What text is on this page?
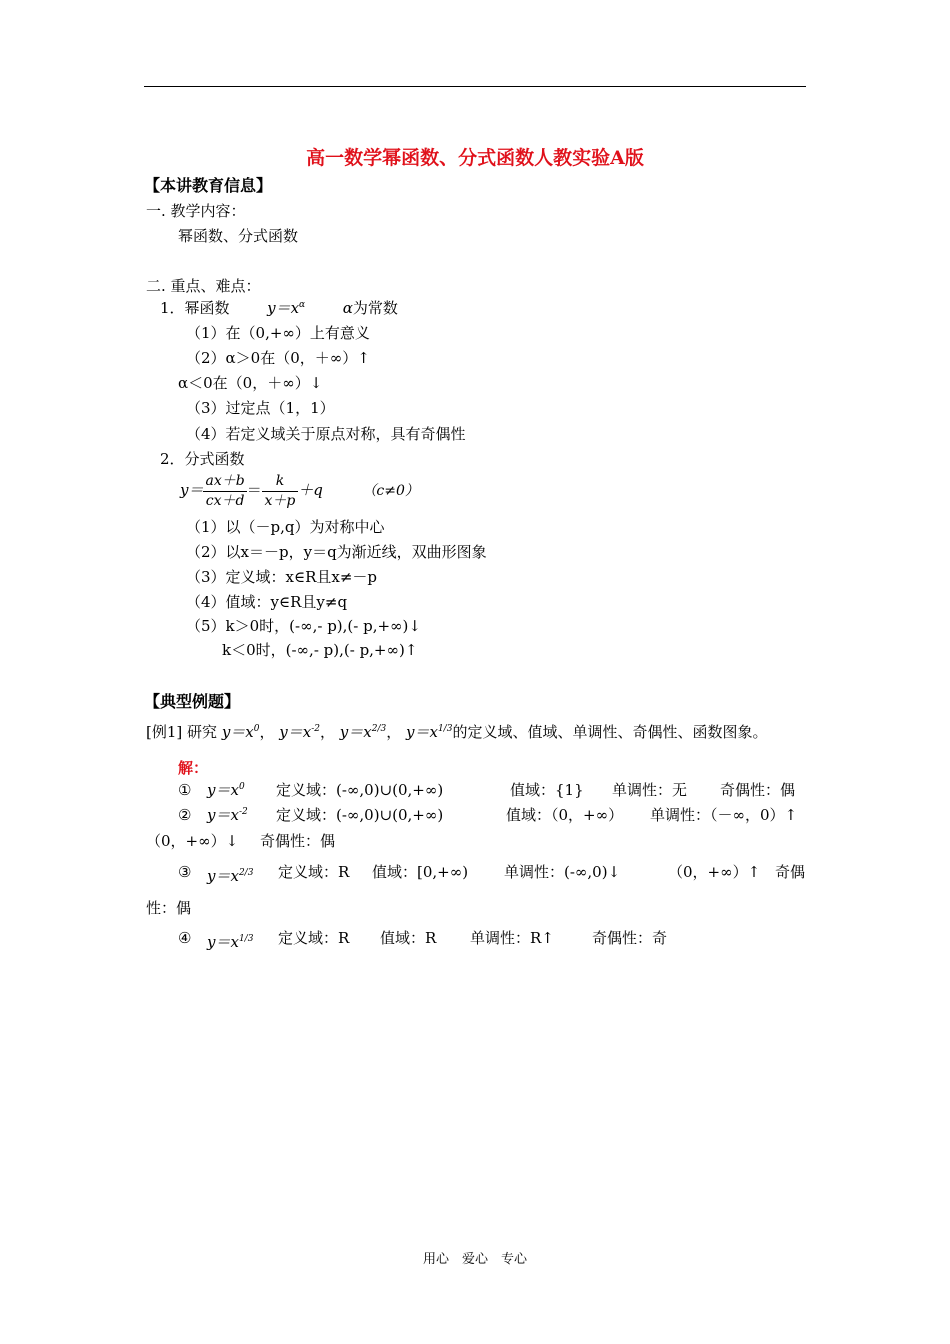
高一数学幂函数、分式函数人教实验A版
【本讲教育信息】
一. 教学内容：
幂函数、分式函数
二. 重点、难点：
1．幂函数	$y=x^\alpha$	α为常数
（1）在（0,+∞）上有意义
（2）α＞0在（0，＋∞）↑
α＜0在（0，＋∞）↓
（3）过定点（1，1）
（4）若定义域关于原点对称，具有奇偶性
2．分式函数
$y= \frac{ax+b}{cx+d} = \frac{k}{x+p} +q$	（c≠0）
（1）以（－p,q）为对称中心
（2）以x＝－p，y＝q为渐近线，双曲形图象
（3）定义域：x∈R且x≠－p
（4）值域：y∈R且y≠q
（5）k＞0时，(-∞,- p),(- p,+∞)↓
k＜0时，(-∞,- p),(- p,+∞)↑
【典型例题】
[例1] 研究 $y=x^0$， $y=x^{-2}$， $y=x^{2/3}$， $y=x^{1/3}$的定义域、值域、单调性、奇偶性、函数图象。
解：
① $y=x^0$ 定义域：(-∞,0)∪(0,+∞)	值域：{1} 单调性：无 奇偶性：偶
② $y=x^{-2}$ 定义域：(-∞,0)∪(0,+∞)	值域：（0，+∞） 单调性：（－∞，0）↑
（0，+∞）↓ 奇偶性：偶
③ $y=x^{2/3}$ 定义域：R 值域：[0,+∞) 单调性：(-∞,0)↓	（0，+∞）↑ 奇偶
性：偶
④ $y=x^{1/3}$ 定义域：R 值域：R 单调性：R↑	奇偶性：奇
用心　爱心　专心
